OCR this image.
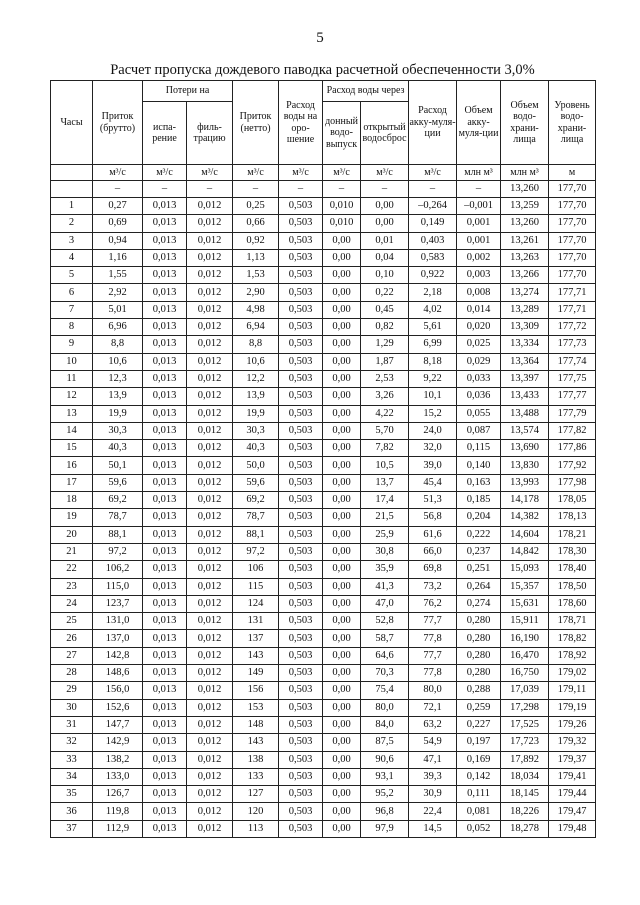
5
Расчет пропуска дождевого паводка расчетной обеспеченности 3,0%
Часы	Приток (брутто)	Потери на		Приток (нетто)	Расход воды на оро-шение	Расход воды через		Расход акку-муля-ции	Объем акку-муля-ции	Объем водо-храни-лища	Уровень водо-храни-лища
		испа-рение	филь-трацию			донный водо-выпуск	открытый водосброс				
	м³/с	м³/с	м³/с	м³/с	м³/с	м³/с	м³/с	м³/с	млн м³	млн м³	м
	–	–	–	–	–	–	–	–	–	13,260	177,70
1	0,27	0,013	0,012	0,25	0,503	0,010	0,00	–0,264	–0,001	13,259	177,70
2	0,69	0,013	0,012	0,66	0,503	0,010	0,00	0,149	0,001	13,260	177,70
3	0,94	0,013	0,012	0,92	0,503	0,00	0,01	0,403	0,001	13,261	177,70
4	1,16	0,013	0,012	1,13	0,503	0,00	0,04	0,583	0,002	13,263	177,70
5	1,55	0,013	0,012	1,53	0,503	0,00	0,10	0,922	0,003	13,266	177,70
6	2,92	0,013	0,012	2,90	0,503	0,00	0,22	2,18	0,008	13,274	177,71
7	5,01	0,013	0,012	4,98	0,503	0,00	0,45	4,02	0,014	13,289	177,71
8	6,96	0,013	0,012	6,94	0,503	0,00	0,82	5,61	0,020	13,309	177,72
9	8,8	0,013	0,012	8,8	0,503	0,00	1,29	6,99	0,025	13,334	177,73
10	10,6	0,013	0,012	10,6	0,503	0,00	1,87	8,18	0,029	13,364	177,74
11	12,3	0,013	0,012	12,2	0,503	0,00	2,53	9,22	0,033	13,397	177,75
12	13,9	0,013	0,012	13,9	0,503	0,00	3,26	10,1	0,036	13,433	177,77
13	19,9	0,013	0,012	19,9	0,503	0,00	4,22	15,2	0,055	13,488	177,79
14	30,3	0,013	0,012	30,3	0,503	0,00	5,70	24,0	0,087	13,574	177,82
15	40,3	0,013	0,012	40,3	0,503	0,00	7,82	32,0	0,115	13,690	177,86
16	50,1	0,013	0,012	50,0	0,503	0,00	10,5	39,0	0,140	13,830	177,92
17	59,6	0,013	0,012	59,6	0,503	0,00	13,7	45,4	0,163	13,993	177,98
18	69,2	0,013	0,012	69,2	0,503	0,00	17,4	51,3	0,185	14,178	178,05
19	78,7	0,013	0,012	78,7	0,503	0,00	21,5	56,8	0,204	14,382	178,13
20	88,1	0,013	0,012	88,1	0,503	0,00	25,9	61,6	0,222	14,604	178,21
21	97,2	0,013	0,012	97,2	0,503	0,00	30,8	66,0	0,237	14,842	178,30
22	106,2	0,013	0,012	106	0,503	0,00	35,9	69,8	0,251	15,093	178,40
23	115,0	0,013	0,012	115	0,503	0,00	41,3	73,2	0,264	15,357	178,50
24	123,7	0,013	0,012	124	0,503	0,00	47,0	76,2	0,274	15,631	178,60
25	131,0	0,013	0,012	131	0,503	0,00	52,8	77,7	0,280	15,911	178,71
26	137,0	0,013	0,012	137	0,503	0,00	58,7	77,8	0,280	16,190	178,82
27	142,8	0,013	0,012	143	0,503	0,00	64,6	77,7	0,280	16,470	178,92
28	148,6	0,013	0,012	149	0,503	0,00	70,3	77,8	0,280	16,750	179,02
29	156,0	0,013	0,012	156	0,503	0,00	75,4	80,0	0,288	17,039	179,11
30	152,6	0,013	0,012	153	0,503	0,00	80,0	72,1	0,259	17,298	179,19
31	147,7	0,013	0,012	148	0,503	0,00	84,0	63,2	0,227	17,525	179,26
32	142,9	0,013	0,012	143	0,503	0,00	87,5	54,9	0,197	17,723	179,32
33	138,2	0,013	0,012	138	0,503	0,00	90,6	47,1	0,169	17,892	179,37
34	133,0	0,013	0,012	133	0,503	0,00	93,1	39,3	0,142	18,034	179,41
35	126,7	0,013	0,012	127	0,503	0,00	95,2	30,9	0,111	18,145	179,44
36	119,8	0,013	0,012	120	0,503	0,00	96,8	22,4	0,081	18,226	179,47
37	112,9	0,013	0,012	113	0,503	0,00	97,9	14,5	0,052	18,278	179,48
